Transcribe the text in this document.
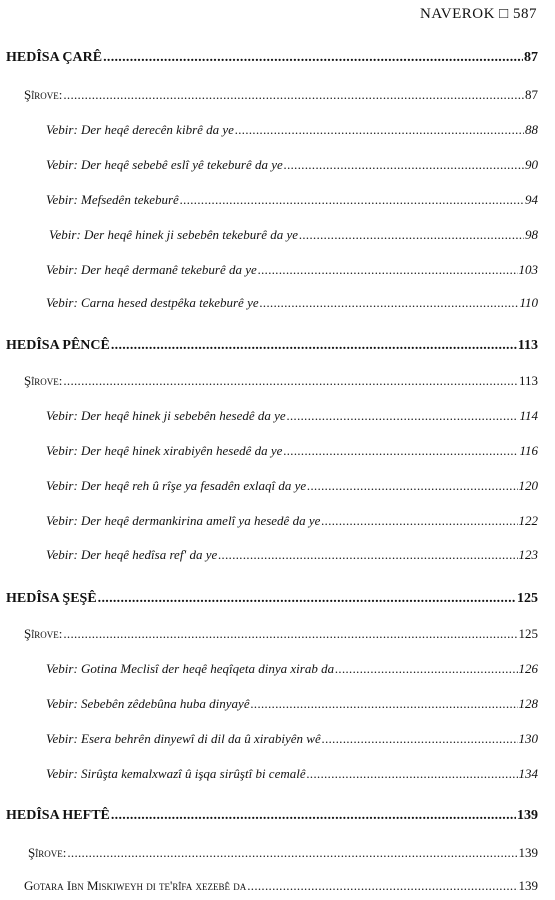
NAVEROK □ 587
HEDÎSA ÇARÊ .....	87
Şîrove: .....	87
Vebir: Der heqê derecên kibrê da ye .....	88
Vebir: Der heqê sebebê eslî yê tekeburê da ye .....	90
Vebir: Mefsedên tekeburê .....	94
Vebir: Der heqê hinek ji sebebên tekeburê da ye .....	98
Vebir: Der heqê dermanê tekeburê da ye .....	103
Vebir: Carna hesed destpêka tekeburê ye .....	110
HEDÎSA PÊNCÊ .....	113
Şîrove: .....	113
Vebir: Der heqê hinek ji sebebên hesedê da ye .....	114
Vebir: Der heqê hinek xirabiyên hesedê da ye .....	116
Vebir: Der heqê reh û rîşe ya fesadên exlaqî da ye .....	120
Vebir: Der heqê dermankirina amelî ya hesedê da ye .....	122
Vebir: Der heqê hedîsa ref' da ye .....	123
HEDÎSA ŞEŞÊ .....	125
Şîrove: .....	125
Vebir: Gotina Meclisî der heqê heqîqeta dinya xirab da .....	126
Vebir: Sebebên zêdebûna huba dinyayê .....	128
Vebir: Esera behrên dinyewî di dil da û xirabiyên wê .....	130
Vebir: Sirûşta kemalxwazî û işqa sirûştî bi cemalê .....	134
HEDÎSA HEFTÊ .....	139
Şîrove: .....	139
Gotara Ibn Miskiweyh di te'rîfa xezebê da .....	139
